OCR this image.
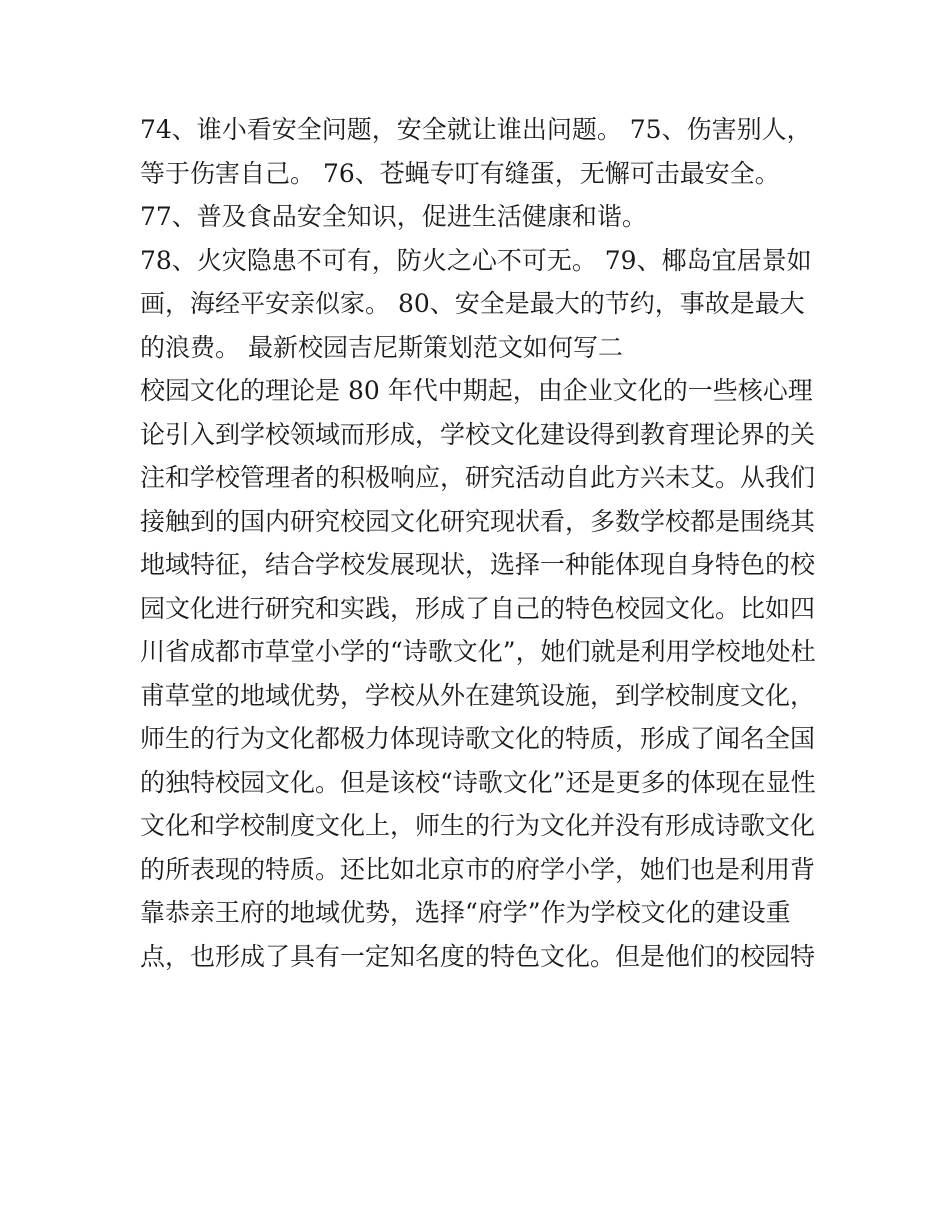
74、谁小看安全问题，安全就让谁出问题。 75、伤害别人，
等于伤害自己。 76、苍蝇专叮有缝蛋，无懈可击最安全。
77、普及食品安全知识，促进生活健康和谐。
78、火灾隐患不可有，防火之心不可无。 79、椰岛宜居景如
画，海经平安亲似家。 80、安全是最大的节约，事故是最大
的浪费。 最新校园吉尼斯策划范文如何写二
校园文化的理论是 80 年代中期起，由企业文化的一些核心理
论引入到学校领域而形成，学校文化建设得到教育理论界的关
注和学校管理者的积极响应，研究活动自此方兴未艾。从我们
接触到的国内研究校园文化研究现状看，多数学校都是围绕其
地域特征，结合学校发展现状，选择一种能体现自身特色的校
园文化进行研究和实践，形成了自己的特色校园文化。比如四
川省成都市草堂小学的“诗歌文化”，她们就是利用学校地处杜
甫草堂的地域优势，学校从外在建筑设施，到学校制度文化，
师生的行为文化都极力体现诗歌文化的特质，形成了闻名全国
的独特校园文化。但是该校“诗歌文化”还是更多的体现在显性
文化和学校制度文化上，师生的行为文化并没有形成诗歌文化
的所表现的特质。还比如北京市的府学小学，她们也是利用背
靠恭亲王府的地域优势，选择“府学”作为学校文化的建设重
点，也形成了具有一定知名度的特色文化。但是他们的校园特
